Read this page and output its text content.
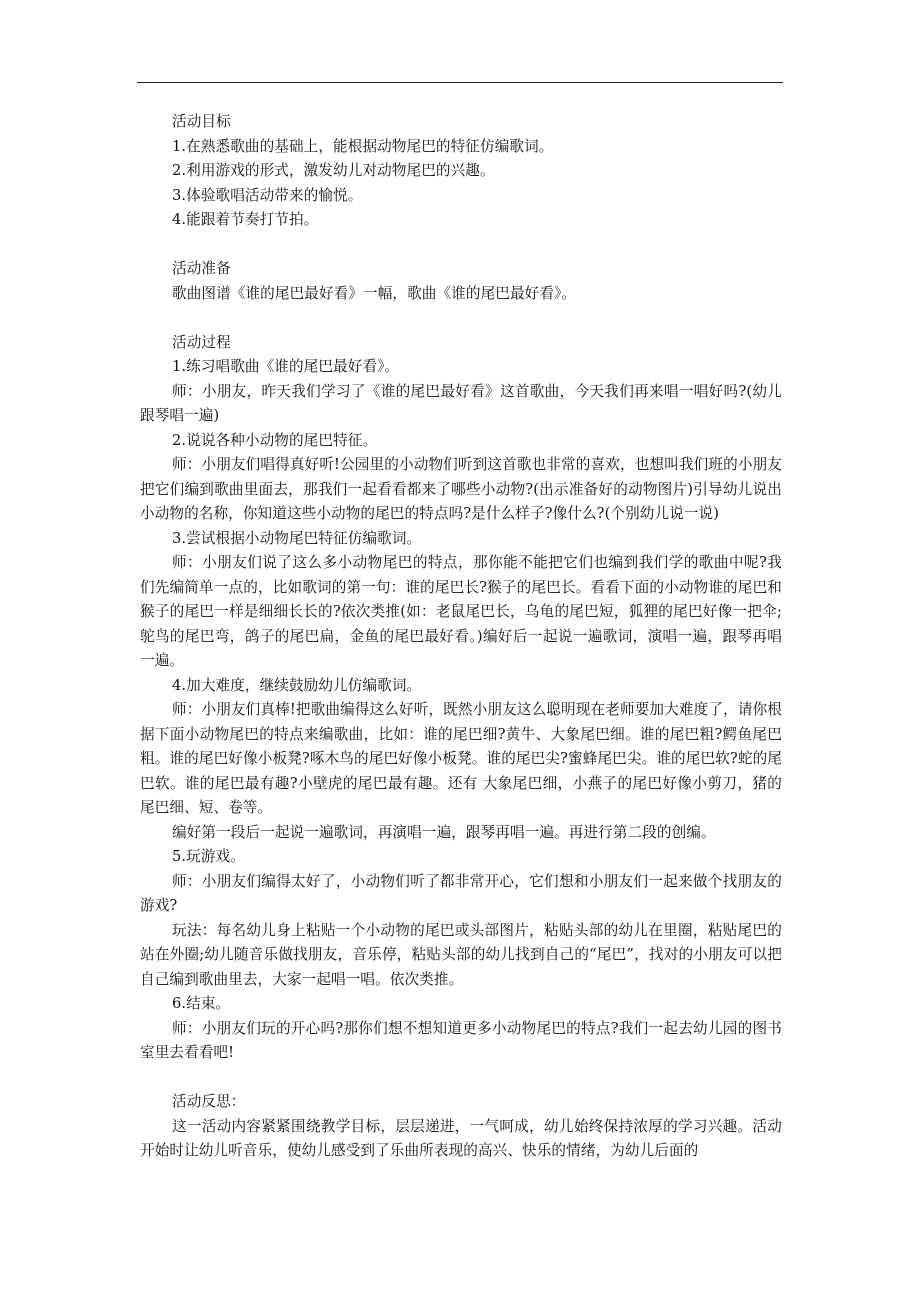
活动目标

1.在熟悉歌曲的基础上，能根据动物尾巴的特征仿编歌词。

2.利用游戏的形式，激发幼儿对动物尾巴的兴趣。

3.体验歌唱活动带来的愉悦。

4.能跟着节奏打节拍。

活动准备

歌曲图谱《谁的尾巴最好看》一幅，歌曲《谁的尾巴最好看》。

活动过程

1.练习唱歌曲《谁的尾巴最好看》。

师：小朋友，昨天我们学习了《谁的尾巴最好看》这首歌曲，今天我们再来唱一唱好吗?(幼儿跟琴唱一遍)

2.说说各种小动物的尾巴特征。

师：小朋友们唱得真好听!公园里的小动物们听到这首歌也非常的喜欢，也想叫我们班的小朋友把它们编到歌曲里面去，那我们一起看看都来了哪些小动物?(出示准备好的动物图片)引导幼儿说出小动物的名称，你知道这些小动物的尾巴的特点吗?是什么样子?像什么?(个别幼儿说一说)

3.尝试根据小动物尾巴特征仿编歌词。

师：小朋友们说了这么多小动物尾巴的特点，那你能不能把它们也编到我们学的歌曲中呢?我们先编简单一点的，比如歌词的第一句：谁的尾巴长?猴子的尾巴长。看看下面的小动物谁的尾巴和猴子的尾巴一样是细细长长的?依次类推(如：老鼠尾巴长，乌龟的尾巴短，狐狸的尾巴好像一把伞;鸵鸟的尾巴弯，鸽子的尾巴扁，金鱼的尾巴最好看。)编好后一起说一遍歌词，演唱一遍，跟琴再唱一遍。

4.加大难度，继续鼓励幼儿仿编歌词。

师：小朋友们真棒!把歌曲编得这么好听，既然小朋友这么聪明现在老师要加大难度了，请你根据下面小动物尾巴的特点来编歌曲，比如：谁的尾巴细?黄牛、大象尾巴细。谁的尾巴粗?鳄鱼尾巴粗。谁的尾巴好像小板凳?啄木鸟的尾巴好像小板凳。谁的尾巴尖?蜜蜂尾巴尖。谁的尾巴软?蛇的尾巴软。谁的尾巴最有趣?小壁虎的尾巴最有趣。还有 大象尾巴细，小燕子的尾巴好像小剪刀，猪的尾巴细、短、卷等。

编好第一段后一起说一遍歌词，再演唱一遍，跟琴再唱一遍。再进行第二段的创编。

5.玩游戏。

师：小朋友们编得太好了，小动物们听了都非常开心，它们想和小朋友们一起来做个找朋友的游戏?

玩法：每名幼儿身上粘贴一个小动物的尾巴或头部图片，粘贴头部的幼儿在里圈，粘贴尾巴的站在外圈;幼儿随音乐做找朋友，音乐停，粘贴头部的幼儿找到自己的“尾巴”，找对的小朋友可以把自己编到歌曲里去，大家一起唱一唱。依次类推。

6.结束。

师：小朋友们玩的开心吗?那你们想不想知道更多小动物尾巴的特点?我们一起去幼儿园的图书室里去看看吧!

活动反思：

这一活动内容紧紧围绕教学目标，层层递进，一气呵成，幼儿始终保持浓厚的学习兴趣。活动开始时让幼儿听音乐，使幼儿感受到了乐曲所表现的高兴、快乐的情绪，为幼儿后面的
